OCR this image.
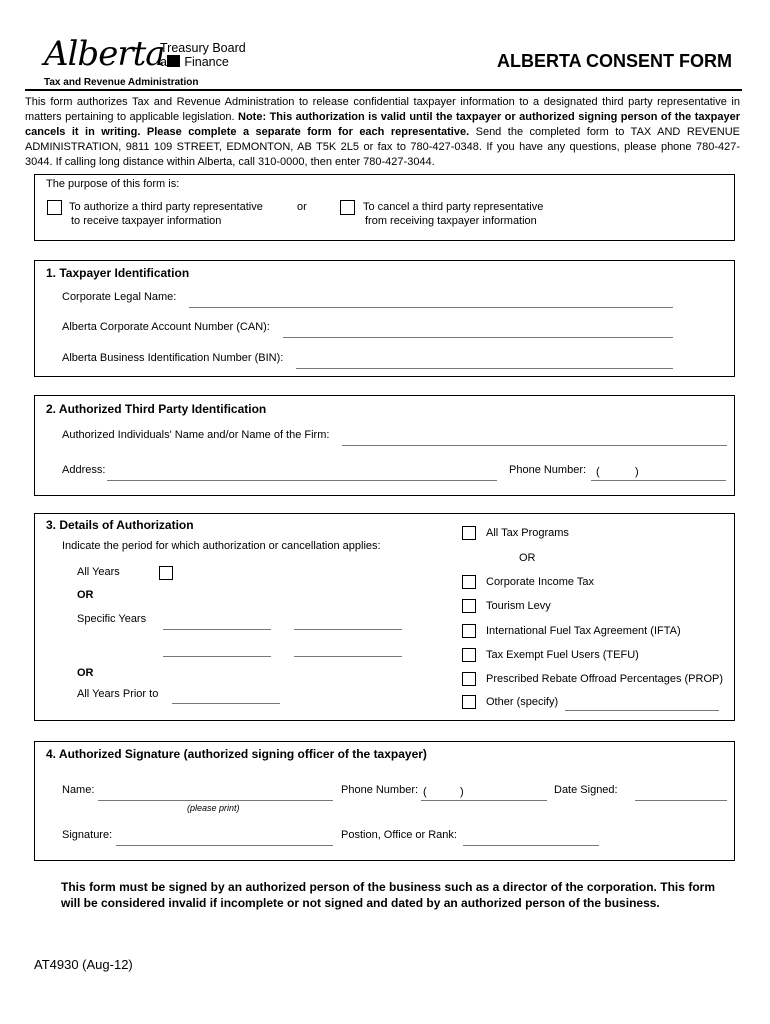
Alberta
Treasury Board
and Finance	ALBERTA CONSENT FORM
Tax and Revenue Administration
This form authorizes Tax and Revenue Administration to release confidential taxpayer information to a designated third party representative in matters pertaining to applicable legislation. Note: This authorization is valid until the taxpayer or authorized signing person of the taxpayer cancels it in writing. Please complete a separate form for each representative. Send the completed form to TAX AND REVENUE ADMINISTRATION, 9811 109 STREET, EDMONTON, AB T5K 2L5 or fax to 780-427-0348. If you have any questions, please phone 780-427-3044. If calling long distance within Alberta, call 310-0000, then enter 780-427-3044.
The purpose of this form is:
To authorize a third party representative
to receive taxpayer information
or	To cancel a third party representative
from receiving taxpayer information
1. Taxpayer Identification
Corporate Legal Name:
Alberta Corporate Account Number (CAN):
Alberta Business Identification Number (BIN):
2. Authorized Third Party Identification
Authorized Individuals' Name and/or Name of the Firm:
Address:	Phone Number: (	)
3. Details of Authorization
Indicate the period for which authorization or cancellation applies:
All Years
OR
Specific Years
OR
All Years Prior to
All Tax Programs
OR
Corporate Income Tax
Tourism Levy
International Fuel Tax Agreement (IFTA)
Tax Exempt Fuel Users (TEFU)
Prescribed Rebate Offroad Percentages (PROP)
Other (specify)
4. Authorized Signature (authorized signing officer of the taxpayer)
Name:
(please print)
Phone Number: (	)	Date Signed:
Signature:	Postion, Office or Rank:
This form must be signed by an authorized person of the business such as a director of the corporation. This form will be considered invalid if incomplete or not signed and dated by an authorized person of the business.
AT4930 (Aug-12)
